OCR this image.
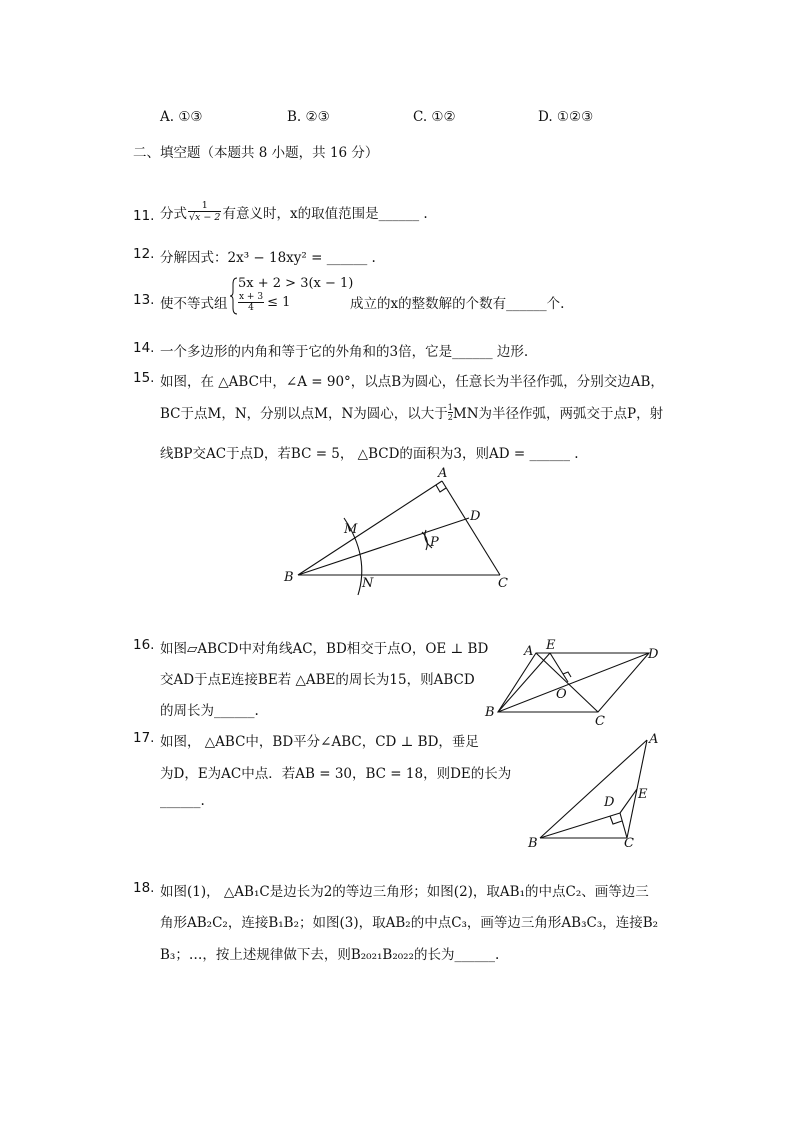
A. ①③	B. ②③	C. ①②	D. ①②③
二、填空题（本题共 8 小题，共 16 分）
11. 分式 $\frac{1}{√x - 2}$ 有意义时，x的取值范围是______ .
12. 分解因式：2x³ − 18xy² = ______ .
13. 使不等式组
5x + 2 > 3(x − 1)
$\frac{x + 3}{4} \le 1$	成立的x的整数解的个数有______个.
14. 一个多边形的内角和等于它的外角和的3倍，它是______ 边形.
15. 如图，在 △ABC中，∠A = 90°，以点B为圆心，任意长为半径作弧，分别交边AB，
BC于点M，N，分别以点M，N为圆心，以大于 $\frac{1}{2}$ MN为半径作弧，两弧交于点P，射
线BP交AC于点D，若BC = 5， △BCD的面积为3，则AD = ______ .
A
B	C
D
M
N
P
16. 如图▱ABCD中对角线AC，BD相交于点O，OE ⊥ BD
交AD于点E连接BE若 △ABE的周长为15，则ABCD
的周长为______.
A E
D
O
B
C
17. 如图， △ABC中，BD平分∠ABC，CD ⊥ BD，垂足
为D，E为AC中点．若AB = 30，BC = 18，则DE的长为
______.
A
E
D
B	C
18. 如图(1)， △AB₁C是边长为2的等边三角形；如图(2)，取AB₁的中点C₂、画等边三
角形AB₂C₂，连接B₁B₂；如图(3)，取AB₂的中点C₃，画等边三角形AB₃C₃，连接B₂
B₃；…，按上述规律做下去，则B₂₀₂₁B₂₀₂₂的长为______.
